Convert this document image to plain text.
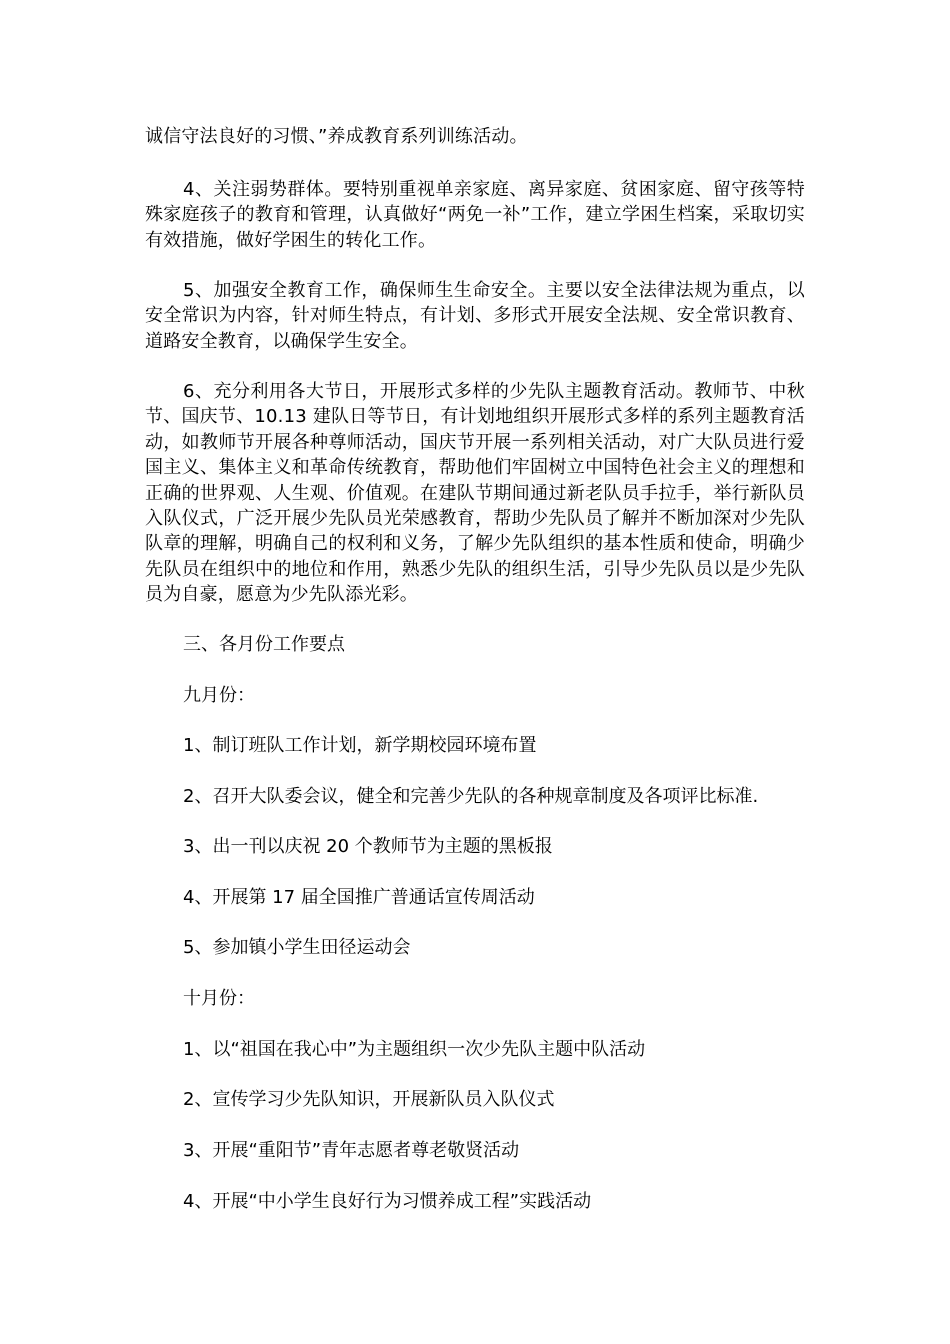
诚信守法良好的习惯、”养成教育系列训练活动。

4、关注弱势群体。要特别重视单亲家庭、离异家庭、贫困家庭、留守孩等特殊家庭孩子的教育和管理，认真做好“两免一补”工作，建立学困生档案，采取切实有效措施，做好学困生的转化工作。

5、加强安全教育工作，确保师生生命安全。主要以安全法律法规为重点，以安全常识为内容，针对师生特点，有计划、多形式开展安全法规、安全常识教育、道路安全教育，以确保学生安全。

6、充分利用各大节日，开展形式多样的少先队主题教育活动。教师节、中秋节、国庆节、10.13 建队日等节日，有计划地组织开展形式多样的系列主题教育活动，如教师节开展各种尊师活动，国庆节开展一系列相关活动，对广大队员进行爱国主义、集体主义和革命传统教育，帮助他们牢固树立中国特色社会主义的理想和正确的世界观、人生观、价值观。在建队节期间通过新老队员手拉手，举行新队员入队仪式，广泛开展少先队员光荣感教育，帮助少先队员了解并不断加深对少先队队章的理解，明确自己的权利和义务，了解少先队组织的基本性质和使命，明确少先队员在组织中的地位和作用，熟悉少先队的组织生活，引导少先队员以是少先队员为自豪，愿意为少先队添光彩。

三、各月份工作要点

九月份：

1、制订班队工作计划，新学期校园环境布置

2、召开大队委会议，健全和完善少先队的各种规章制度及各项评比标准.

3、出一刊以庆祝 20 个教师节为主题的黑板报

4、开展第 17 届全国推广普通话宣传周活动

5、参加镇小学生田径运动会

十月份：

1、以“祖国在我心中”为主题组织一次少先队主题中队活动

2、宣传学习少先队知识，开展新队员入队仪式

3、开展“重阳节”青年志愿者尊老敬贤活动

4、开展“中小学生良好行为习惯养成工程”实践活动
